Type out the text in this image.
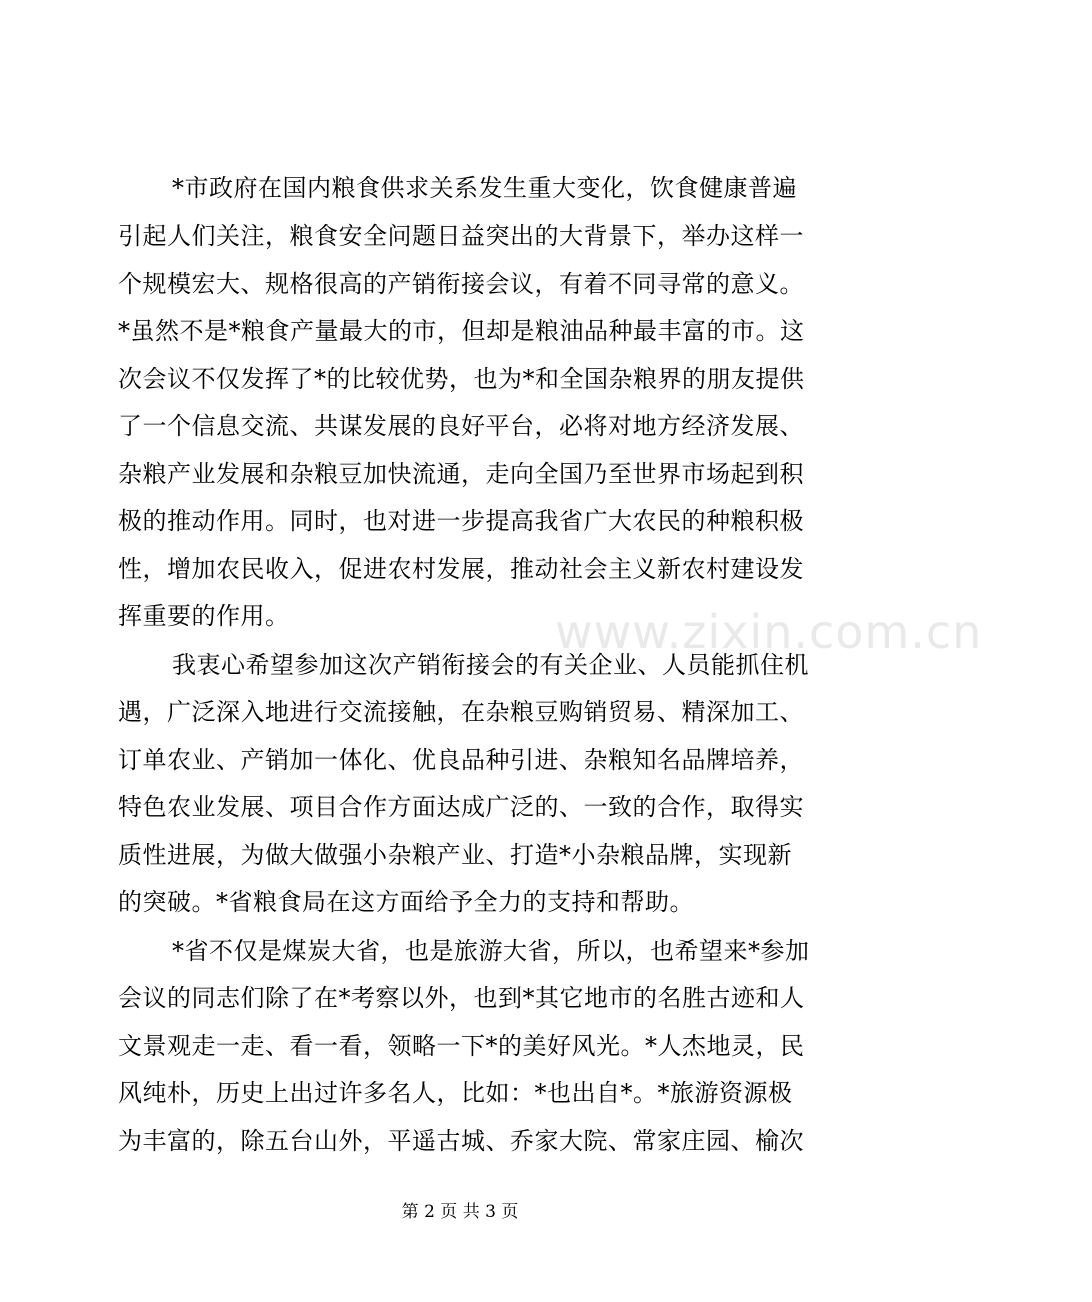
*市政府在国内粮食供求关系发生重大变化，饮食健康普遍
引起人们关注，粮食安全问题日益突出的大背景下，举办这样一
个规模宏大、规格很高的产销衔接会议，有着不同寻常的意义。
*虽然不是*粮食产量最大的市，但却是粮油品种最丰富的市。这
次会议不仅发挥了*的比较优势，也为*和全国杂粮界的朋友提供
了一个信息交流、共谋发展的良好平台，必将对地方经济发展、
杂粮产业发展和杂粮豆加快流通，走向全国乃至世界市场起到积
极的推动作用。同时，也对进一步提高我省广大农民的种粮积极
性，增加农民收入，促进农村发展，推动社会主义新农村建设发
挥重要的作用。
我衷心希望参加这次产销衔接会的有关企业、人员能抓住机
遇，广泛深入地进行交流接触，在杂粮豆购销贸易、精深加工、
订单农业、产销加一体化、优良品种引进、杂粮知名品牌培养，
特色农业发展、项目合作方面达成广泛的、一致的合作，取得实
质性进展，为做大做强小杂粮产业、打造*小杂粮品牌，实现新
的突破。*省粮食局在这方面给予全力的支持和帮助。
*省不仅是煤炭大省，也是旅游大省，所以，也希望来*参加
会议的同志们除了在*考察以外，也到*其它地市的名胜古迹和人
文景观走一走、看一看，领略一下*的美好风光。*人杰地灵，民
风纯朴，历史上出过许多名人，比如：*也出自*。*旅游资源极
为丰富的，除五台山外，平遥古城、乔家大院、常家庄园、榆次
www.zixin.com.cn
第 2 页 共 3 页
